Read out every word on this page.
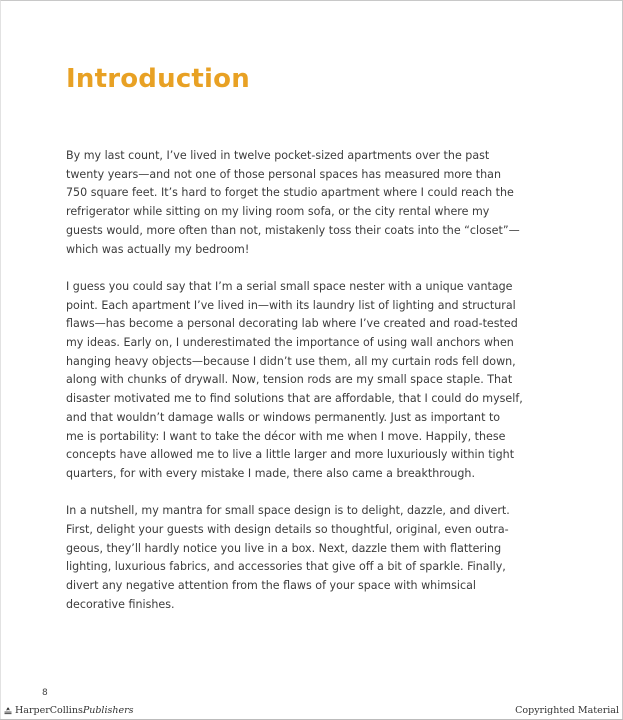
Introduction

By my last count, I’ve lived in twelve pocket-sized apartments over the past
twenty years—and not one of those personal spaces has measured more than
750 square feet. It’s hard to forget the studio apartment where I could reach the
refrigerator while sitting on my living room sofa, or the city rental where my
guests would, more often than not, mistakenly toss their coats into the “closet”—
which was actually my bedroom!

I guess you could say that I’m a serial small space nester with a unique vantage
point. Each apartment I’ve lived in—with its laundry list of lighting and structural
flaws—has become a personal decorating lab where I’ve created and road-tested
my ideas. Early on, I underestimated the importance of using wall anchors when
hanging heavy objects—because I didn’t use them, all my curtain rods fell down,
along with chunks of drywall. Now, tension rods are my small space staple. That
disaster motivated me to find solutions that are affordable, that I could do myself,
and that wouldn’t damage walls or windows permanently. Just as important to
me is portability: I want to take the décor with me when I move. Happily, these
concepts have allowed me to live a little larger and more luxuriously within tight
quarters, for with every mistake I made, there also came a breakthrough.

In a nutshell, my mantra for small space design is to delight, dazzle, and divert.
First, delight your guests with design details so thoughtful, original, even outra-
geous, they’ll hardly notice you live in a box. Next, dazzle them with flattering
lighting, luxurious fabrics, and accessories that give off a bit of sparkle. Finally,
divert any negative attention from the flaws of your space with whimsical
decorative finishes.

8
HarperCollins Publishers	Copyrighted Material
